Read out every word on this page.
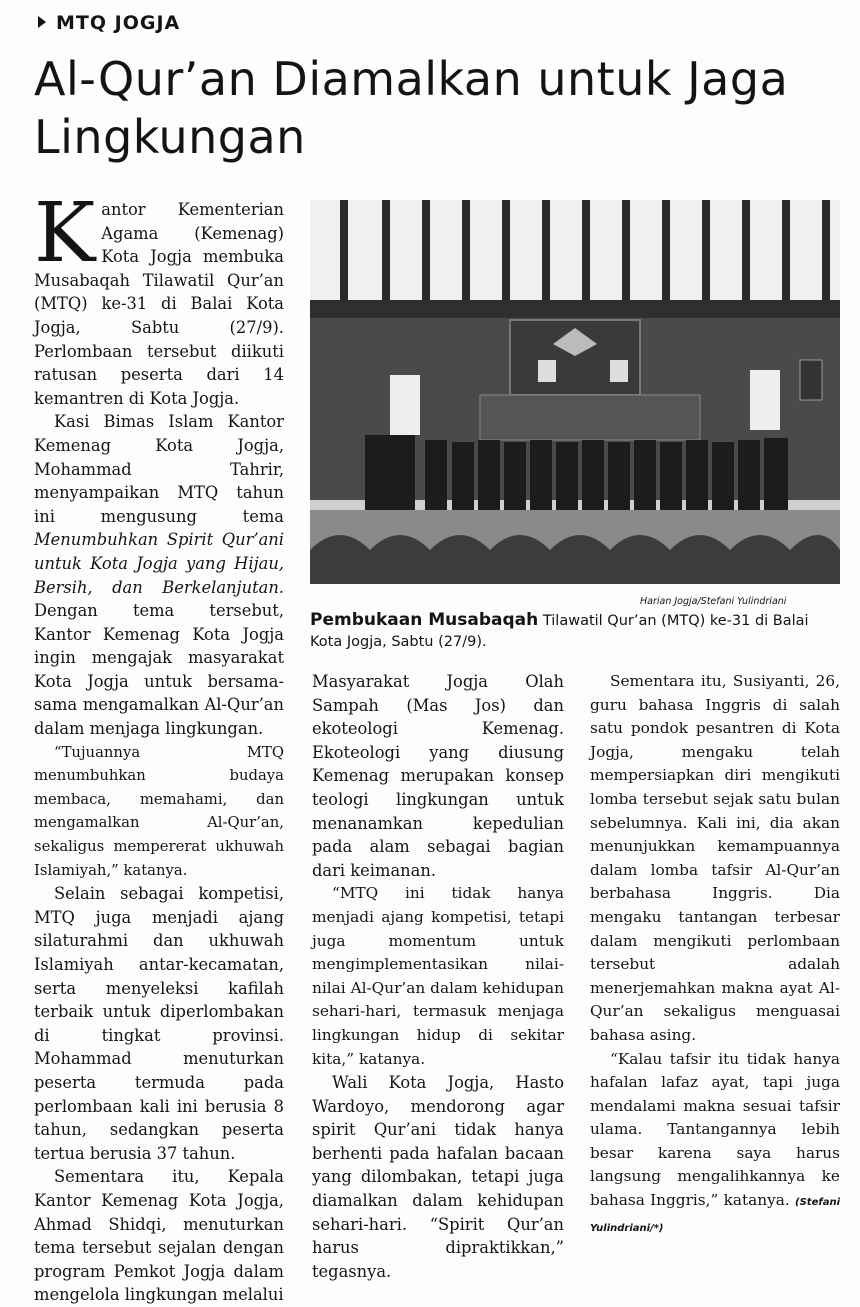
MTQ JOGJA
Al-Qur’an Diamalkan untuk Jaga Lingkungan

Kantor Kementerian Agama (Kemenag) Kota Jogja membuka Musabaqah Tilawatil Qur’an (MTQ) ke-31 di Balai Kota Jogja, Sabtu (27/9). Perlombaan tersebut diikuti ratusan peserta dari 14 kemantren di Kota Jogja.

Kasi Bimas Islam Kantor Kemenag Kota Jogja, Mohammad Tahrir, menyampaikan MTQ tahun ini mengusung tema Menumbuhkan Spirit Qur’ani untuk Kota Jogja yang Hijau, Bersih, dan Berkelanjutan. Dengan tema tersebut, Kantor Kemenag Kota Jogja ingin mengajak masyarakat Kota Jogja untuk bersama-sama mengamalkan Al-Qur’an dalam menjaga lingkungan.

“Tujuannya MTQ menumbuhkan budaya membaca, memahami, dan mengamalkan Al-Qur’an, sekaligus mempererat ukhuwah Islamiyah,” katanya.

Selain sebagai kompetisi, MTQ juga menjadi ajang silaturahmi dan ukhuwah Islamiyah antar-kecamatan, serta menyeleksi kafilah terbaik untuk diperlombakan di tingkat provinsi. Mohammad menuturkan peserta termuda pada perlombaan kali ini berusia 8 tahun, sedangkan peserta tertua berusia 37 tahun.

Sementara itu, Kepala Kantor Kemenag Kota Jogja, Ahmad Shidqi, menuturkan tema tersebut sejalan dengan program Pemkot Jogja dalam mengelola lingkungan melalui

Harian Jogja/Stefani Yulindriani
Pembukaan Musabaqah Tilawatil Qur’an (MTQ) ke-31 di Balai Kota Jogja, Sabtu (27/9).

Masyarakat Jogja Olah Sampah (Mas Jos) dan ekoteologi Kemenag. Ekoteologi yang diusung Kemenag merupakan konsep teologi lingkungan untuk menanamkan kepedulian pada alam sebagai bagian dari keimanan.

“MTQ ini tidak hanya menjadi ajang kompetisi, tetapi juga momentum untuk mengimplementasikan nilai-nilai Al-Qur’an dalam kehidupan sehari-hari, termasuk menjaga lingkungan hidup di sekitar kita,” katanya.

Wali Kota Jogja, Hasto Wardoyo, mendorong agar spirit Qur’ani tidak hanya berhenti pada hafalan bacaan yang dilombakan, tetapi juga diamalkan dalam kehidupan sehari-hari. “Spirit Qur’an harus dipraktikkan,” tegasnya.

Sementara itu, Susiyanti, 26, guru bahasa Inggris di salah satu pondok pesantren di Kota Jogja, mengaku telah mempersiapkan diri mengikuti lomba tersebut sejak satu bulan sebelumnya. Kali ini, dia akan menunjukkan kemampuannya dalam lomba tafsir Al-Qur’an berbahasa Inggris. Dia mengaku tantangan terbesar dalam mengikuti perlombaan tersebut adalah menerjemahkan makna ayat Al-Qur’an sekaligus menguasai bahasa asing.

“Kalau tafsir itu tidak hanya hafalan lafaz ayat, tapi juga mendalami makna sesuai tafsir ulama. Tantangannya lebih besar karena saya harus langsung mengalihkannya ke bahasa Inggris,” katanya. (Stefani Yulindriani/*)
